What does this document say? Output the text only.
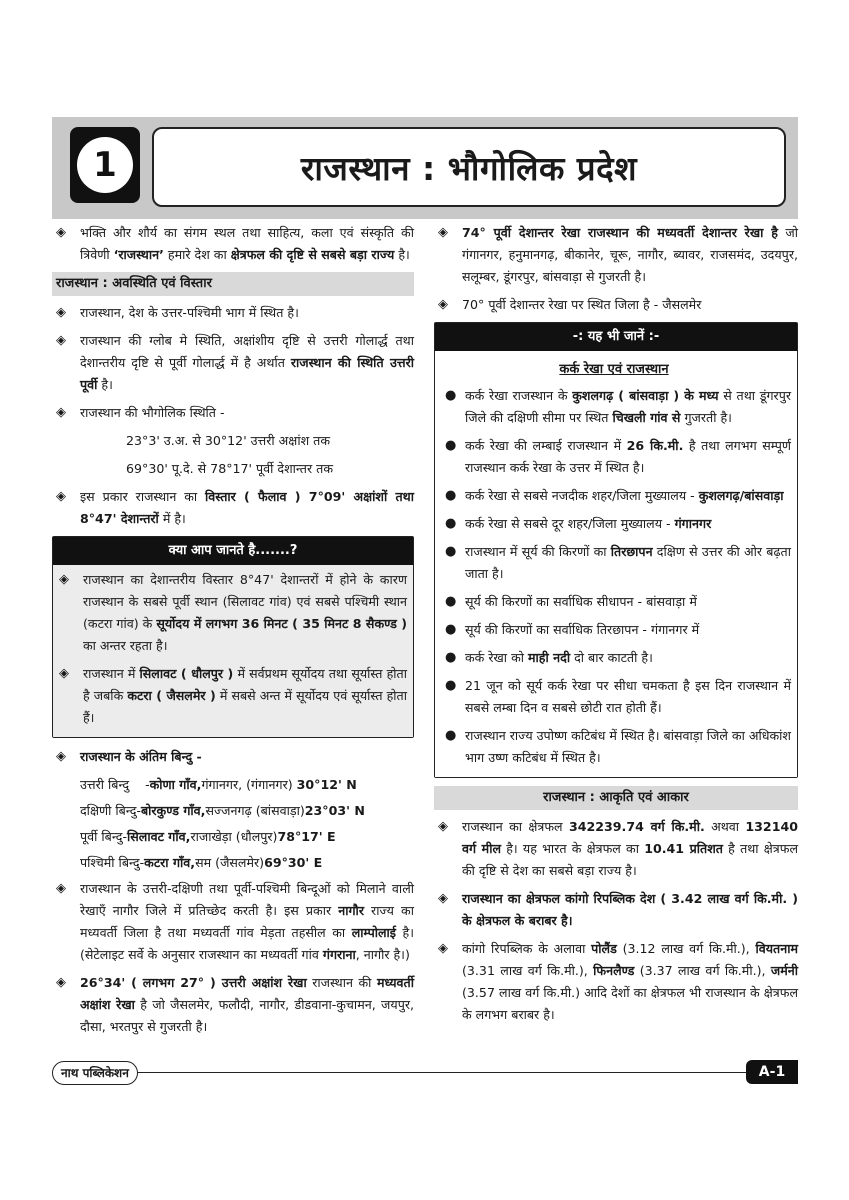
1	राजस्थान : भौगोलिक प्रदेश
◈ भक्ति और शौर्य का संगम स्थल तथा साहित्य, कला एवं संस्कृति की त्रिवेणी ‘राजस्थान’ हमारे देश का क्षेत्रफल की दृष्टि से सबसे बड़ा राज्य है।
राजस्थान : अवस्थिति एवं विस्तार
◈ राजस्थान, देश के उत्तर-पश्चिमी भाग में स्थित है।
◈ राजस्थान की ग्लोब मे स्थिति, अक्षांशीय दृष्टि से उत्तरी गोलार्द्ध तथा देशान्तरीय दृष्टि से पूर्वी गोलार्द्ध में है अर्थात राजस्थान की स्थिति उत्तरी पूर्वी है।
◈ राजस्थान की भौगोलिक स्थिति -
23°3' उ.अ. से 30°12' उत्तरी अक्षांश तक
69°30' पू.दे. से 78°17' पूर्वी देशान्तर तक
◈ इस प्रकार राजस्थान का विस्तार ( फैलाव ) 7°09' अक्षांशों तथा 8°47' देशान्तरों में है।
क्या आप जानते है.......?
◈ राजस्थान का देशान्तरीय विस्तार 8°47' देशान्तरों में होने के कारण राजस्थान के सबसे पूर्वी स्थान (सिलावट गांव) एवं सबसे पश्चिमी स्थान (कटरा गांव) के सूर्योदय में लगभग 36 मिनट ( 35 मिनट 8 सैकण्ड ) का अन्तर रहता है।
◈ राजस्थान में सिलावट ( धौलपुर ) में सर्वप्रथम सूर्योदय तथा सूर्यास्त होता है जबकि कटरा ( जैसलमेर ) में सबसे अन्त में सूर्योदय एवं सूर्यास्त होता हैं।
◈ राजस्थान के अंतिम बिन्दु -
उत्तरी बिन्दु
- कोणा गाँव, गंगानगर, (गंगानगर)
30°12' N
दक्षिणी बिन्दु - बोरकुण्ड गाँव, सज्जनगढ़ (बांसवाड़ा) 23°03' N
पूर्वी बिन्दु - सिलावट गाँव, राजाखेड़ा (धौलपुर) 78°17' E
पश्चिमी बिन्दु - कटरा गाँव, सम (जैसलमेर) 69°30' E
◈ राजस्थान के उत्तरी-दक्षिणी तथा पूर्वी-पश्चिमी बिन्दूओं को मिलाने वाली रेखाएँ नागौर जिले में प्रतिच्छेद करती है। इस प्रकार नागौर राज्य का मध्यवर्ती जिला है तथा मध्यवर्ती गांव मेड़ता तहसील का लाम्पोलाई है। (सेटेलाइट सर्वे के अनुसार राजस्थान का मध्यवर्ती गांव गंगराना, नागौर है।)
◈ 26°34' ( लगभग 27° ) उत्तरी अक्षांश रेखा राजस्थान की मध्यवर्ती अक्षांश रेखा है जो जैसलमेर, फलौदी, नागौर, डीडवाना-कुचामन, जयपुर, दौसा, भरतपुर से गुजरती है।
◈ 74° पूर्वी देशान्तर रेखा राजस्थान की मध्यवर्ती देशान्तर रेखा है जो गंगानगर, हनुमानगढ़, बीकानेर, चूरू, नागौर, ब्यावर, राजसमंद, उदयपुर, सलूम्बर, डूंगरपुर, बांसवाड़ा से गुजरती है।
◈ 70° पूर्वी देशान्तर रेखा पर स्थित जिला है - जैसलमेर
-: यह भी जानें :-
कर्क रेखा एवं राजस्थान
● कर्क रेखा राजस्थान के कुशलगढ़ ( बांसवाड़ा ) के मध्य से तथा डूंगरपुर जिले की दक्षिणी सीमा पर स्थित चिखली गांव से गुजरती है।
● कर्क रेखा की लम्बाई राजस्थान में 26 कि.मी. है तथा लगभग सम्पूर्ण राजस्थान कर्क रेखा के उत्तर में स्थित है।
● कर्क रेखा से सबसे नजदीक शहर/जिला मुख्यालय - कुशलगढ़/बांसवाड़ा
● कर्क रेखा से सबसे दूर शहर/जिला मुख्यालय - गंगानगर
● राजस्थान में सूर्य की किरणों का तिरछापन दक्षिण से उत्तर की ओर बढ़ता जाता है।
● सूर्य की किरणों का सर्वाधिक सीधापन - बांसवाड़ा में
● सूर्य की किरणों का सर्वाधिक तिरछापन - गंगानगर में
● कर्क रेखा को माही नदी दो बार काटती है।
● 21 जून को सूर्य कर्क रेखा पर सीधा चमकता है इस दिन राजस्थान में सबसे लम्बा दिन व सबसे छोटी रात होती हैं।
● राजस्थान राज्य उपोष्ण कटिबंध में स्थित है। बांसवाड़ा जिले का अधिकांश भाग उष्ण कटिबंध में स्थित है।
राजस्थान : आकृति एवं आकार
◈ राजस्थान का क्षेत्रफल 342239.74 वर्ग कि.मी. अथवा 132140 वर्ग मील है। यह भारत के क्षेत्रफल का 10.41 प्रतिशत है तथा क्षेत्रफल की दृष्टि से देश का सबसे बड़ा राज्य है।
◈ राजस्थान का क्षेत्रफल कांगो रिपब्लिक देश ( 3.42 लाख वर्ग कि.मी. ) के क्षेत्रफल के बराबर है।
◈ कांगो रिपब्लिक के अलावा पोलैंड (3.12 लाख वर्ग कि.मी.), वियतनाम (3.31 लाख वर्ग कि.मी.), फिनलैण्ड (3.37 लाख वर्ग कि.मी.), जर्मनी (3.57 लाख वर्ग कि.मी.) आदि देशों का क्षेत्रफल भी राजस्थान के क्षेत्रफल के लगभग बराबर है।
नाथ पब्लिकेशन	A-1
